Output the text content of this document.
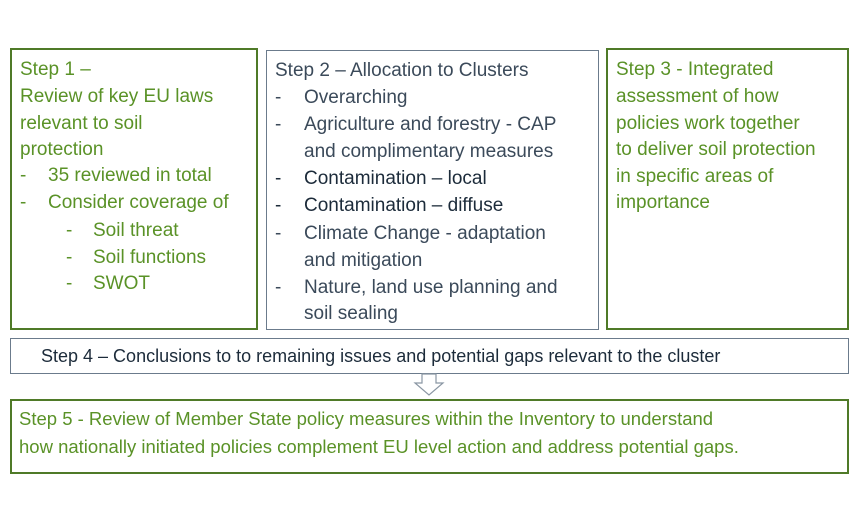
Step 1 –
Review of key EU laws
relevant to soil
protection
- 35 reviewed in total
- Consider coverage of
- Soil threat
- Soil functions
- SWOT
Step 2 – Allocation to Clusters
- Overarching
- Agriculture and forestry - CAP
and complimentary measures
- Contamination – local
- Contamination – diffuse
- Climate Change - adaptation
and mitigation
- Nature, land use planning and
soil sealing
Step 3 - Integrated
assessment of how
policies work together
to deliver soil protection
in specific areas of
importance
Step 4 – Conclusions to to remaining issues and potential gaps relevant to the cluster
Step 5 - Review of Member State policy measures within the Inventory to understand
how nationally initiated policies complement EU level action and address potential gaps.
